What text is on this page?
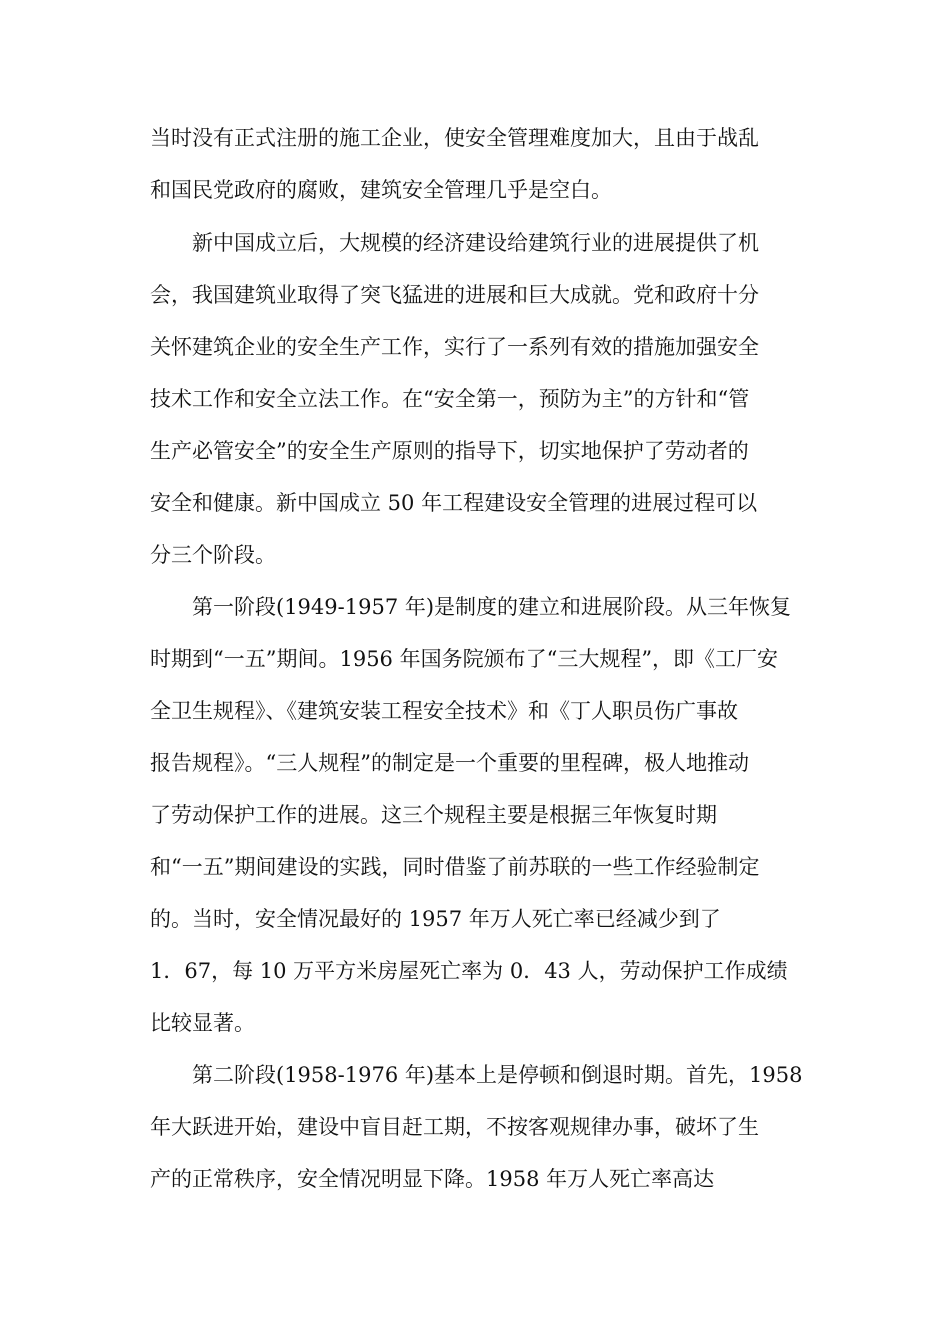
当时没有正式注册的施工企业，使安全管理难度加大，且由于战乱

和国民党政府的腐败，建筑安全管理几乎是空白。

新中国成立后，大规模的经济建设给建筑行业的进展提供了机

会，我国建筑业取得了突飞猛进的进展和巨大成就。党和政府十分

关怀建筑企业的安全生产工作，实行了一系列有效的措施加强安全

技术工作和安全立法工作。在“安全第一，预防为主”的方针和“管

生产必管安全”的安全生产原则的指导下，切实地保护了劳动者的

安全和健康。新中国成立 50 年工程建设安全管理的进展过程可以

分三个阶段。

第一阶段(1949-1957 年)是制度的建立和进展阶段。从三年恢复

时期到“一五”期间。1956 年国务院颁布了“三大规程”，即《工厂安

全卫生规程》、《建筑安装工程安全技术》和《丁人职员伤广事故

报告规程》。“三人规程”的制定是一个重要的里程碑，极人地推动

了劳动保护工作的进展。这三个规程主要是根据三年恢复时期

和“一五”期间建设的实践，同时借鉴了前苏联的一些工作经验制定

的。当时，安全情况最好的 1957 年万人死亡率已经减少到了

1．67，每 10 万平方米房屋死亡率为 0．43 人，劳动保护工作成绩

比较显著。

第二阶段(1958-1976 年)基本上是停顿和倒退时期。首先，1958

年大跃进开始，建设中盲目赶工期，不按客观规律办事，破坏了生

产的正常秩序，安全情况明显下降。1958 年万人死亡率高达
